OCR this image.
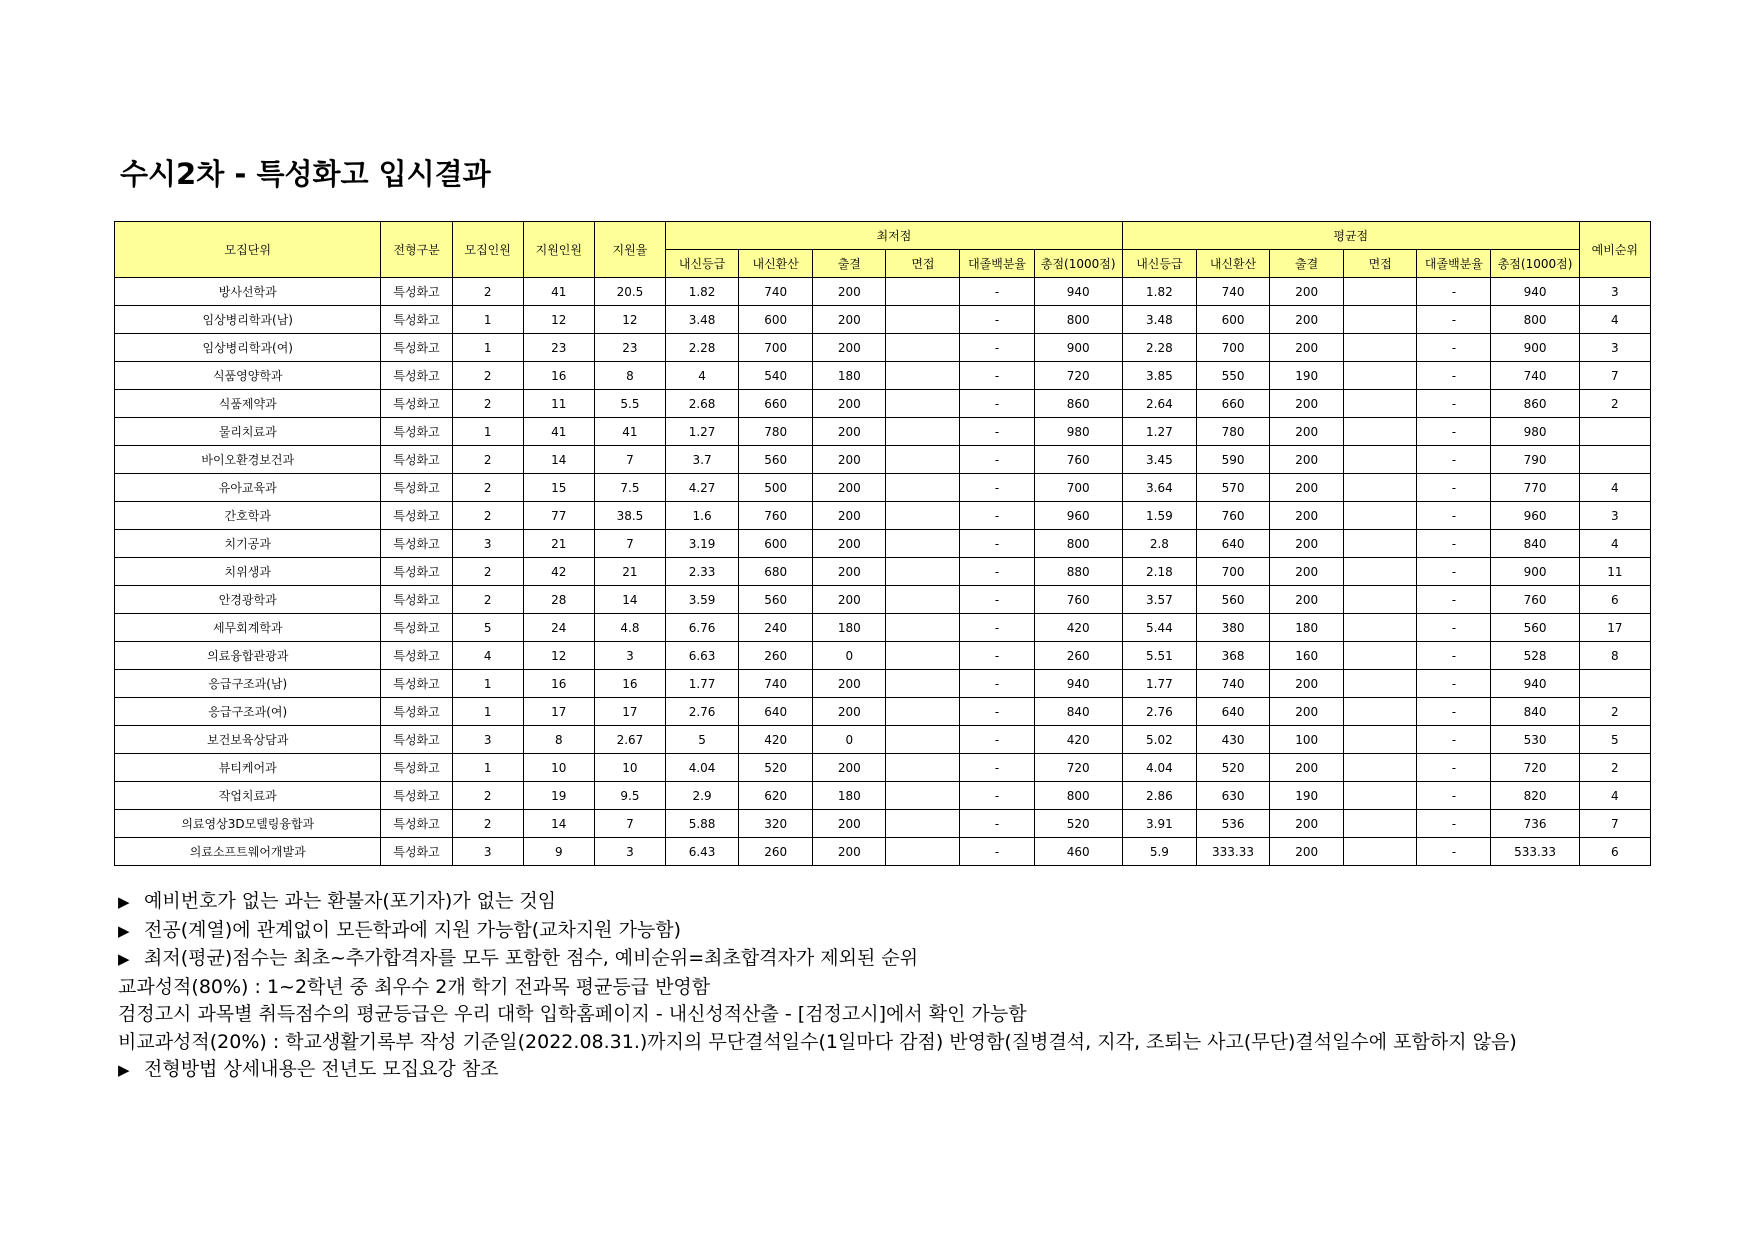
수시2차 - 특성화고 입시결과
모집단위	전형구분	모집인원	지원인원	지원율	최저점						평균점						예비순위
					내신등급	내신환산	출결	면접	대졸백분율	총점(1000점)	내신등급	내신환산	출결	면접	대졸백분율	총점(1000점)	
방사선학과	특성화고	2	41	20.5	1.82	740	200		-	940	1.82	740	200		-	940	3
임상병리학과(남)	특성화고	1	12	12	3.48	600	200		-	800	3.48	600	200		-	800	4
임상병리학과(여)	특성화고	1	23	23	2.28	700	200		-	900	2.28	700	200		-	900	3
식품영양학과	특성화고	2	16	8	4	540	180		-	720	3.85	550	190		-	740	7
식품제약과	특성화고	2	11	5.5	2.68	660	200		-	860	2.64	660	200		-	860	2
물리치료과	특성화고	1	41	41	1.27	780	200		-	980	1.27	780	200		-	980	
바이오환경보건과	특성화고	2	14	7	3.7	560	200		-	760	3.45	590	200		-	790	
유아교육과	특성화고	2	15	7.5	4.27	500	200		-	700	3.64	570	200		-	770	4
간호학과	특성화고	2	77	38.5	1.6	760	200		-	960	1.59	760	200		-	960	3
치기공과	특성화고	3	21	7	3.19	600	200		-	800	2.8	640	200		-	840	4
치위생과	특성화고	2	42	21	2.33	680	200		-	880	2.18	700	200		-	900	11
안경광학과	특성화고	2	28	14	3.59	560	200		-	760	3.57	560	200		-	760	6
세무회계학과	특성화고	5	24	4.8	6.76	240	180		-	420	5.44	380	180		-	560	17
의료융합관광과	특성화고	4	12	3	6.63	260	0		-	260	5.51	368	160		-	528	8
응급구조과(남)	특성화고	1	16	16	1.77	740	200		-	940	1.77	740	200		-	940	
응급구조과(여)	특성화고	1	17	17	2.76	640	200		-	840	2.76	640	200		-	840	2
보건보육상담과	특성화고	3	8	2.67	5	420	0		-	420	5.02	430	100		-	530	5
뷰티케어과	특성화고	1	10	10	4.04	520	200		-	720	4.04	520	200		-	720	2
작업치료과	특성화고	2	19	9.5	2.9	620	180		-	800	2.86	630	190		-	820	4
의료영상3D모델링융합과	특성화고	2	14	7	5.88	320	200		-	520	3.91	536	200		-	736	7
의료소프트웨어개발과	특성화고	3	9	3	6.43	260	200		-	460	5.9	333.33	200		-	533.33	6
▶ 예비번호가 없는 과는 환불자(포기자)가 없는 것임
▶ 전공(계열)에 관계없이 모든학과에 지원 가능함(교차지원 가능함)
▶ 최저(평균)점수는 최초~추가합격자를 모두 포함한 점수, 예비순위=최초합격자가 제외된 순위
교과성적(80%) : 1~2학년 중 최우수 2개 학기 전과목 평균등급 반영함
검정고시 과목별 취득점수의 평균등급은 우리 대학 입학홈페이지 - 내신성적산출 - [검정고시]에서 확인 가능함
비교과성적(20%) : 학교생활기록부 작성 기준일(2022.08.31.)까지의 무단결석일수(1일마다 감점) 반영함(질병결석, 지각, 조퇴는 사고(무단)결석일수에 포함하지 않음)
▶ 전형방법 상세내용은 전년도 모집요강 참조
